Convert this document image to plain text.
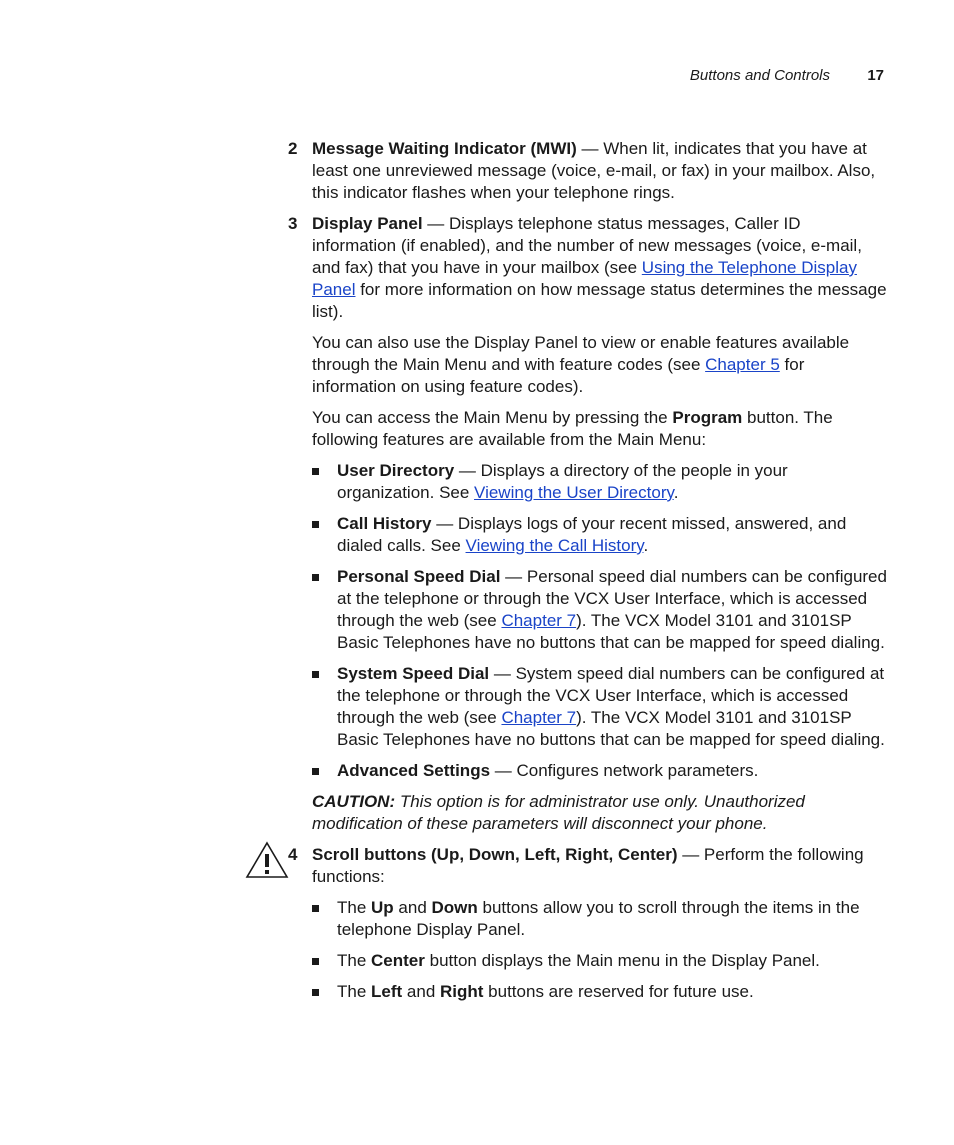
Buttons and Controls 17
2 Message Waiting Indicator (MWI) — When lit, indicates that you have at least one unreviewed message (voice, e-mail, or fax) in your mailbox. Also, this indicator flashes when your telephone rings.

3 Display Panel — Displays telephone status messages, Caller ID information (if enabled), and the number of new messages (voice, e-mail, and fax) that you have in your mailbox (see Using the Telephone Display Panel for more information on how message status determines the message list).

You can also use the Display Panel to view or enable features available through the Main Menu and with feature codes (see Chapter 5 for information on using feature codes).

You can access the Main Menu by pressing the Program button. The following features are available from the Main Menu:

User Directory — Displays a directory of the people in your organization. See Viewing the User Directory.
Call History — Displays logs of your recent missed, answered, and dialed calls. See Viewing the Call History.
Personal Speed Dial — Personal speed dial numbers can be configured at the telephone or through the VCX User Interface, which is accessed through the web (see Chapter 7). The VCX Model 3101 and 3101SP Basic Telephones have no buttons that can be mapped for speed dialing.
System Speed Dial — System speed dial numbers can be configured at the telephone or through the VCX User Interface, which is accessed through the web (see Chapter 7). The VCX Model 3101 and 3101SP Basic Telephones have no buttons that can be mapped for speed dialing.
Advanced Settings — Configures network parameters.
CAUTION: This option is for administrator use only. Unauthorized modification of these parameters will disconnect your phone.
4 Scroll buttons (Up, Down, Left, Right, Center) — Perform the following functions:

The Up and Down buttons allow you to scroll through the items in the telephone Display Panel.
The Center button displays the Main menu in the Display Panel.
The Left and Right buttons are reserved for future use.
